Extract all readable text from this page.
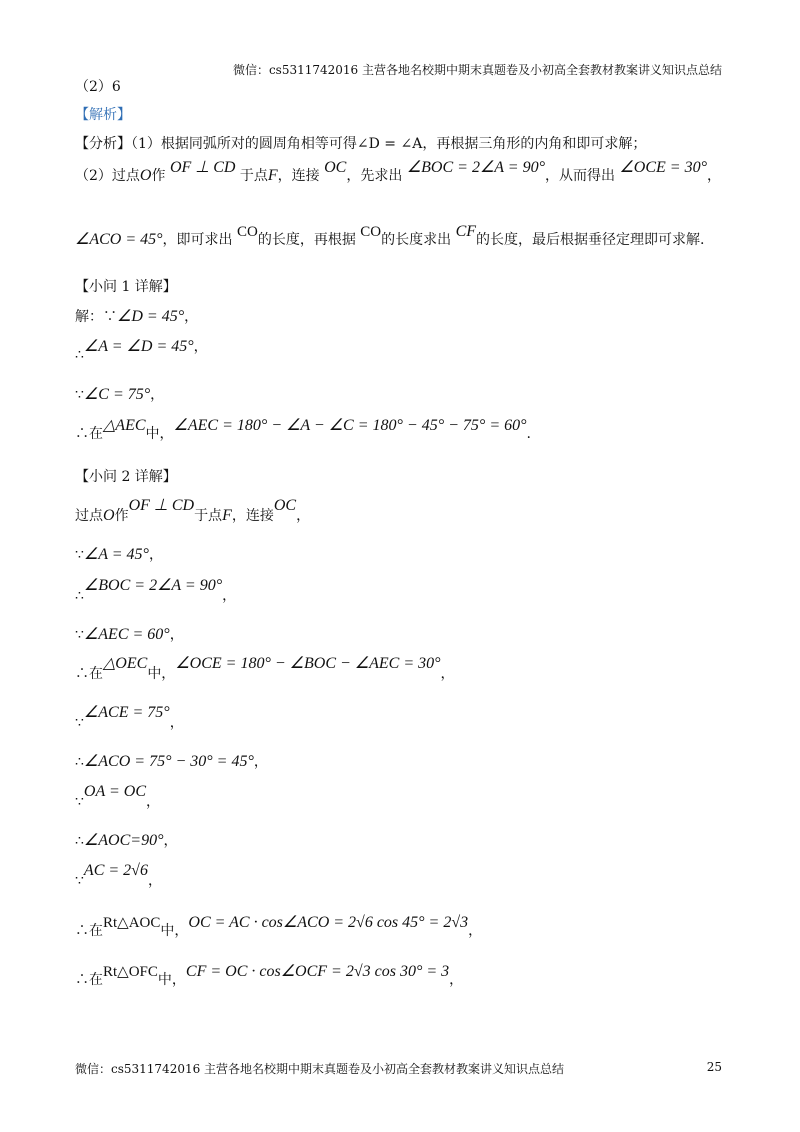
微信：cs5311742016 主营各地名校期中期末真题卷及小初高全套教材教案讲义知识点总结
（2）6
【解析】
【分析】（1）根据同弧所对的圆周角相等可得∠D = ∠A，再根据三角形的内角和即可求解；
（2）过点O作 OF ⊥ CD 于点F，连接 OC，先求出 ∠BOC = 2∠A = 90°，从而得出 ∠OCE = 30°，
∠ACO = 45°，即可求出 CO的长度，再根据 CO的长度求出 CF的长度，最后根据垂径定理即可求解.
【小问 1 详解】
解：∵∠D = 45°，
∴∠A = ∠D = 45°，
∵∠C = 75°，
∴在△AEC中，∠AEC = 180° − ∠A − ∠C = 180° − 45° − 75° = 60°.
【小问 2 详解】
过点O作OF ⊥ CD于点F，连接OC，
∵∠A = 45°，
∴∠BOC = 2∠A = 90°，
∵∠AEC = 60°，
∴在△OEC中，∠OCE = 180° − ∠BOC − ∠AEC = 30°，
∵∠ACE = 75°，
∴∠ACO = 75° − 30° = 45°，
∵OA = OC，
∴∠AOC=90°，
∵AC = 2√6，
∴在Rt△AOC中，OC = AC · cos∠ACO = 2√6 cos 45° = 2√3，
∴在Rt△OFC中，CF = OC · cos∠OCF = 2√3 cos 30° = 3，
微信：cs5311742016 主营各地名校期中期末真题卷及小初高全套教材教案讲义知识点总结	25
